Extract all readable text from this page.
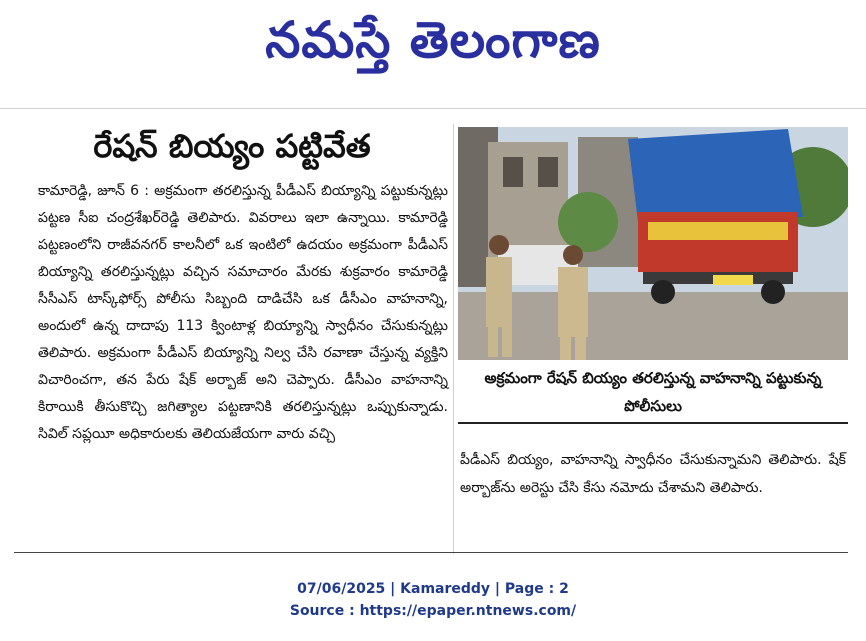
నమస్తే తెలంగాణ
రేషన్ బియ్యం పట్టివేత
కామారెడ్డి, జూన్ 6 : అక్రమంగా తరలిస్తున్న పీడీఎస్ బియ్యాన్ని పట్టుకున్నట్లు పట్టణ సీఐ చంద్రశేఖర్‌రెడ్డి తెలిపారు. వివరాలు ఇలా ఉన్నాయి. కామారెడ్డి పట్టణంలోని రాజీవనగర్ కాలనీలో ఒక ఇంటిలో ఉదయం అక్రమంగా పీడీఎస్ బియ్యాన్ని తరలిస్తున్నట్లు వచ్చిన సమాచారం మేరకు శుక్రవారం కామారెడ్డి సీసీఎస్ టాస్క్‌ఫోర్స్ పోలీసు సిబ్బంది దాడిచేసి ఒక డీసీఎం వాహనాన్ని, అందులో ఉన్న దాదాపు 113 క్వింటాళ్ల బియ్యాన్ని స్వాధీనం చేసుకున్నట్లు తెలిపారు. అక్రమంగా పీడీఎస్ బియ్యాన్ని నిల్వ చేసి రవాణా చేస్తున్న వ్యక్తిని విచారించగా, తన పేరు షేక్ అర్బాజ్ అని చెప్పారు. డీసీఎం వాహనాన్ని కిరాయికి తీసుకొచ్చి జగిత్యాల పట్టణానికి తరలిస్తున్నట్లు ఒప్పుకున్నాడు. సివిల్ సప్లయీ అధికారులకు తెలియజేయగా వారు వచ్చి
అక్రమంగా రేషన్ బియ్యం తరలిస్తున్న వాహనాన్ని పట్టుకున్న పోలీసులు
పీడీఎస్ బియ్యం, వాహనాన్ని స్వాధీనం చేసుకున్నామని తెలిపారు. షేక్ అర్బాజ్‌ను అరెస్టు చేసి కేసు నమోదు చేశామని తెలిపారు.
07/06/2025 | Kamareddy | Page : 2
Source : https://epaper.ntnews.com/
